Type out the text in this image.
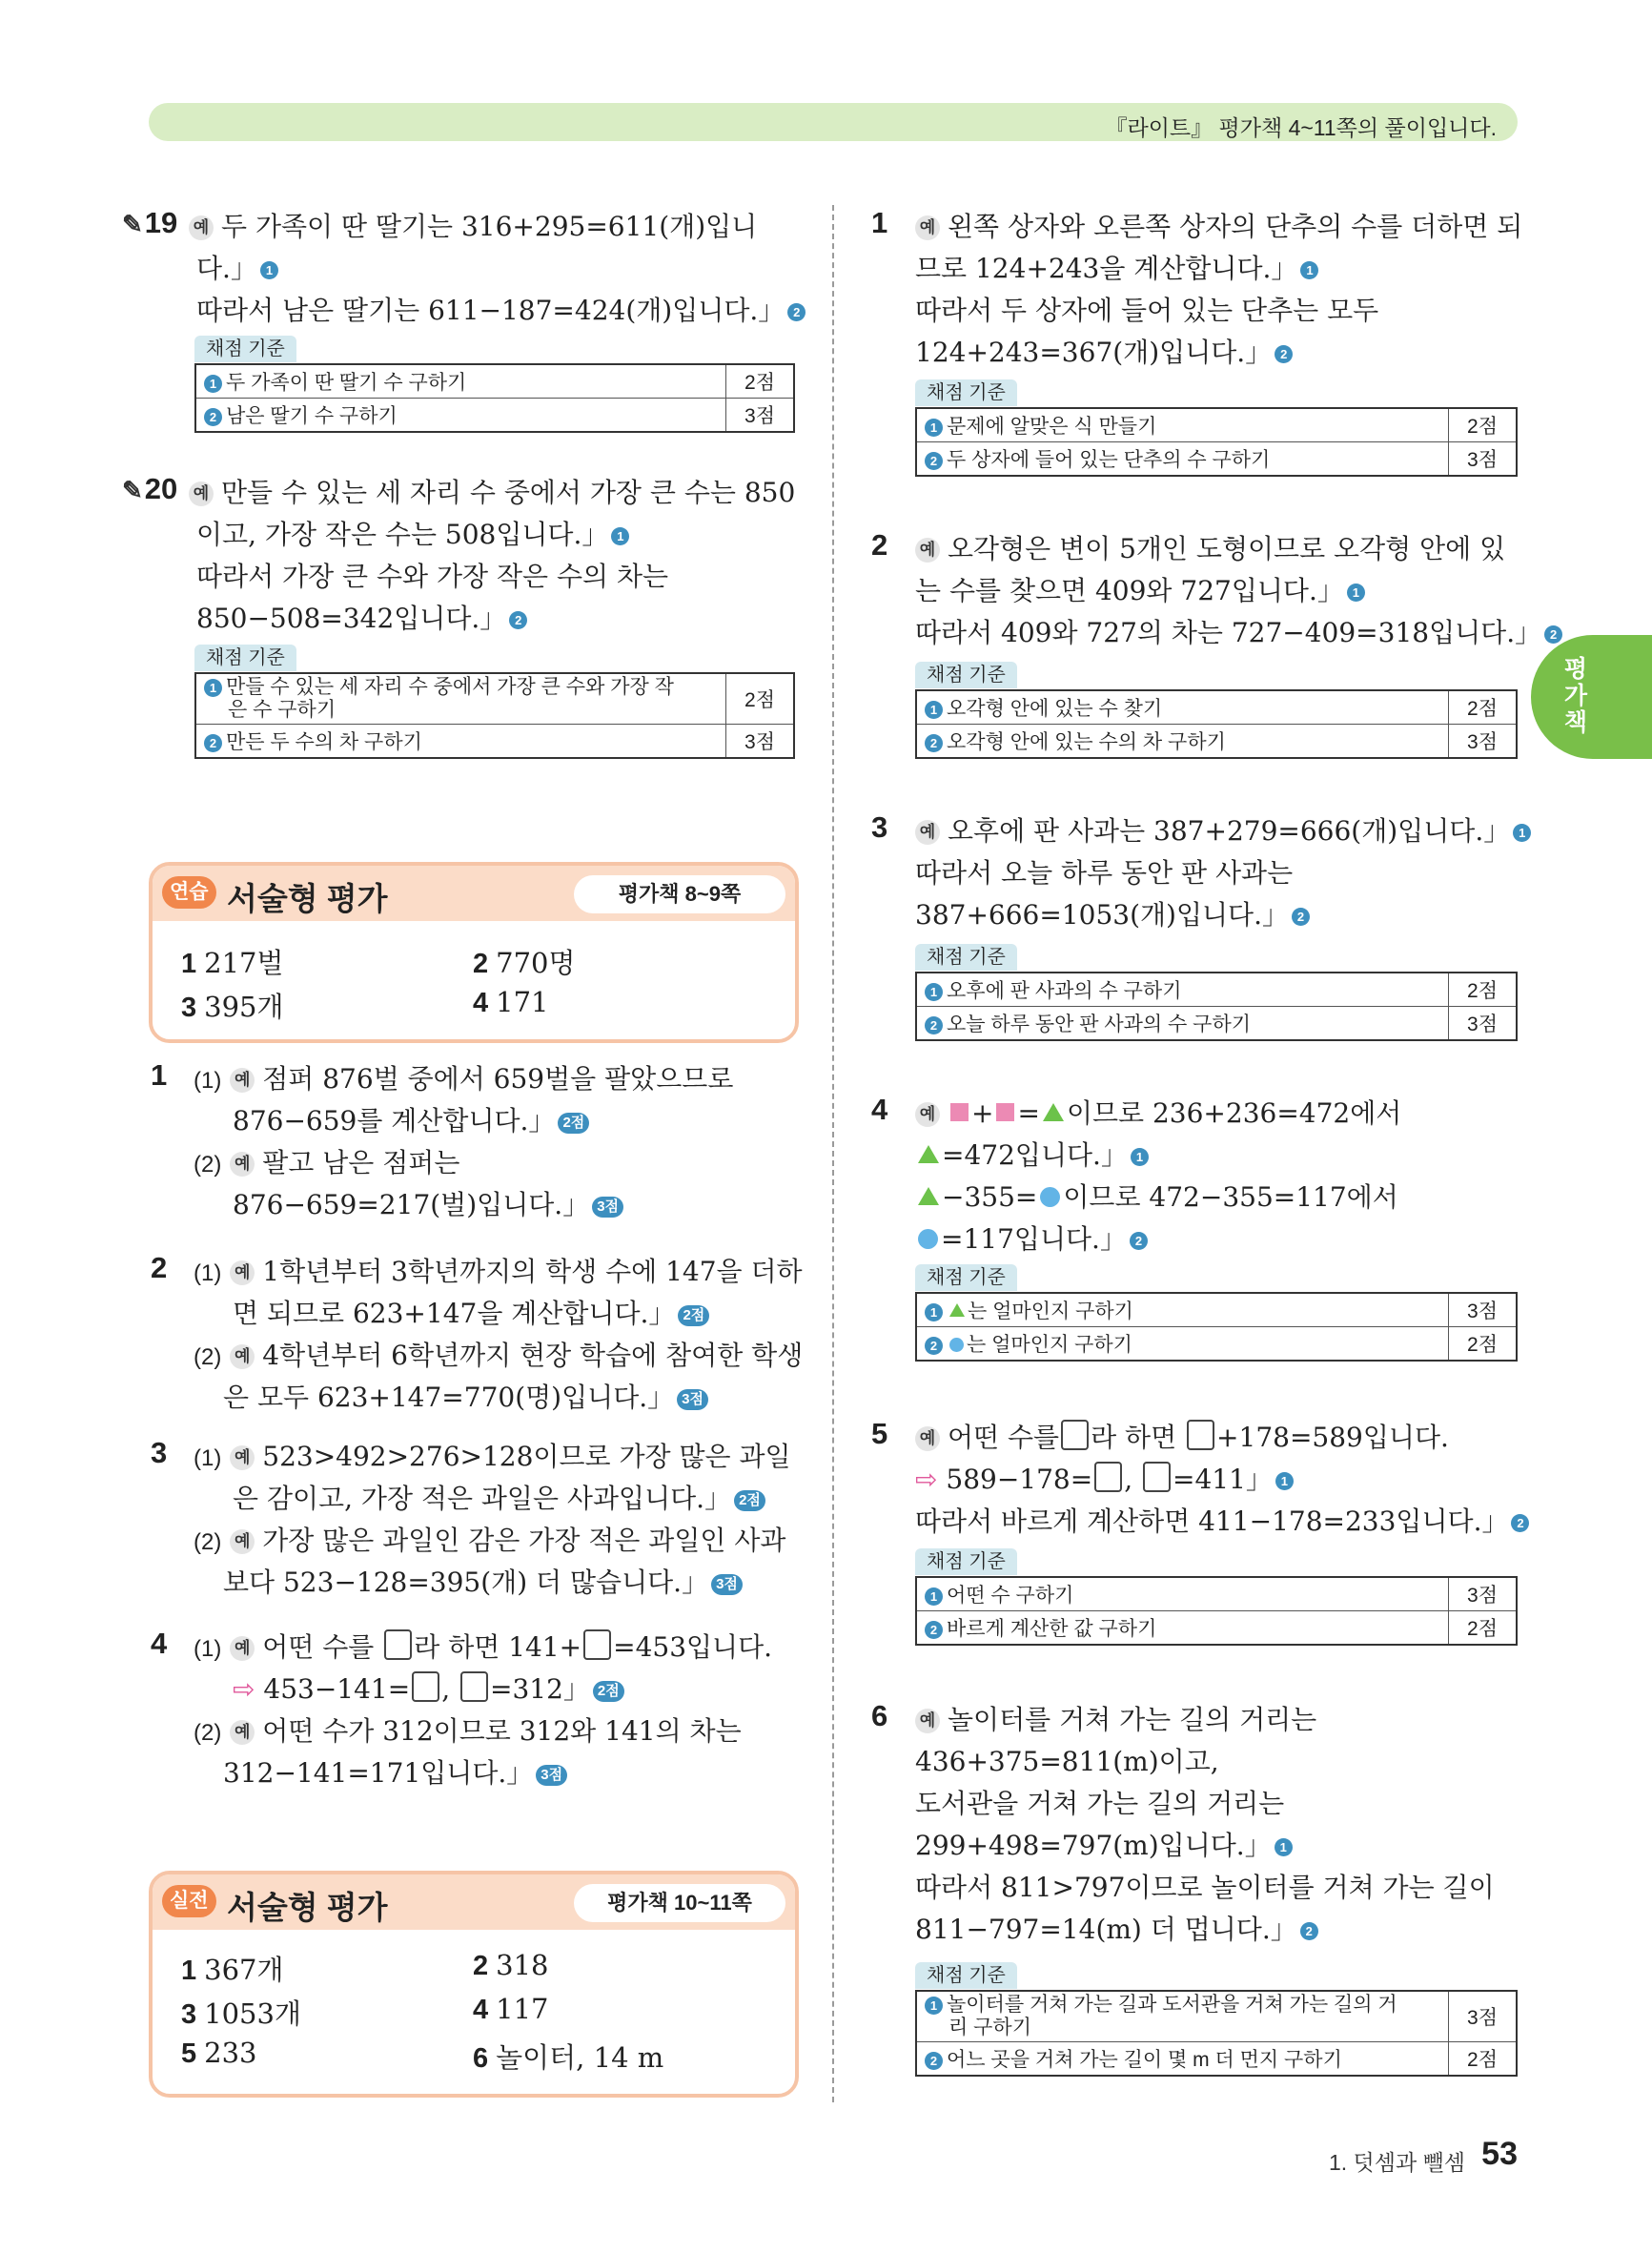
『라이트』 평가책 4~11쪽의 풀이입니다.
평가책
✎19 예 두 가족이 딴 딸기는 316+295=611(개)입니
다.」 1
따라서 남은 딸기는 611−187=424(개)입니다.」 2
채점 기준
1 두 가족이 딴 딸기 수 구하기	2점
2 남은 딸기 수 구하기	3점
✎20 예 만들 수 있는 세 자리 수 중에서 가장 큰 수는 850
이고, 가장 작은 수는 508입니다.」 1
따라서 가장 큰 수와 가장 작은 수의 차는
850−508=342입니다.」 2
채점 기준
1 만들 수 있는 세 자리 수 중에서 가장 큰 수와 가장 작
은 수 구하기	2점
2 만든 두 수의 차 구하기	3점
연습 서술형 평가	평가책 8~9쪽
1 217벌	2 770명
3 395개	4 171
1 (1) 예 점퍼 876벌 중에서 659벌을 팔았으므로
876−659를 계산합니다.」 2점
(2) 예 팔고 남은 점퍼는
876−659=217(벌)입니다.」 3점
2 (1) 예 1학년부터 3학년까지의 학생 수에 147을 더하
면 되므로 623+147을 계산합니다.」 2점
(2) 예 4학년부터 6학년까지 현장 학습에 참여한 학생
은 모두 623+147=770(명)입니다.」 3점
3 (1) 예 523>492>276>128이므로 가장 많은 과일
은 감이고, 가장 적은 과일은 사과입니다.」 2점
(2) 예 가장 많은 과일인 감은 가장 적은 과일인 사과
보다 523−128=395(개) 더 많습니다.」 3점
4 (1) 예 어떤 수를 라 하면 141+ =453입니다.
⇨ 453−141= , =312」 2점
(2) 예 어떤 수가 312이므로 312와 141의 차는
312−141=171입니다.」 3점
실전 서술형 평가	평가책 10~11쪽
1 367개	2 318
3 1053개	4 117
5 233	6 놀이터, 14 m
1 예 왼쪽 상자와 오른쪽 상자의 단추의 수를 더하면 되
므로 124+243을 계산합니다.」 1
따라서 두 상자에 들어 있는 단추는 모두
124+243=367(개)입니다.」 2
채점 기준
1 문제에 알맞은 식 만들기	2점
2 두 상자에 들어 있는 단추의 수 구하기	3점
2 예 오각형은 변이 5개인 도형이므로 오각형 안에 있
는 수를 찾으면 409와 727입니다.」 1
따라서 409와 727의 차는 727−409=318입니다.」 2
채점 기준
1 오각형 안에 있는 수 찾기	2점
2 오각형 안에 있는 수의 차 구하기	3점
3 예 오후에 판 사과는 387+279=666(개)입니다.」 1
따라서 오늘 하루 동안 판 사과는
387+666=1053(개)입니다.」 2
채점 기준
1 오후에 판 사과의 수 구하기	2점
2 오늘 하루 동안 판 사과의 수 구하기	3점
4 예 + = 이므로 236+236=472에서
=472입니다.」 1
−355= 이므로 472−355=117에서
=117입니다.」 2
채점 기준
1 는 얼마인지 구하기	3점
2 는 얼마인지 구하기	2점
5 예 어떤 수를 라 하면 +178=589입니다.
⇨ 589−178= , =411」 1
따라서 바르게 계산하면 411−178=233입니다.」 2
채점 기준
1 어떤 수 구하기	3점
2 바르게 계산한 값 구하기	2점
6 예 놀이터를 거쳐 가는 길의 거리는
436+375=811(m)이고,
도서관을 거쳐 가는 길의 거리는
299+498=797(m)입니다.」 1
따라서 811>797이므로 놀이터를 거쳐 가는 길이
811−797=14(m) 더 멉니다.」 2
채점 기준
1 놀이터를 거쳐 가는 길과 도서관을 거쳐 가는 길의 거
리 구하기	3점
2 어느 곳을 거쳐 가는 길이 몇 m 더 먼지 구하기	2점
1. 덧셈과 뺄셈 53
